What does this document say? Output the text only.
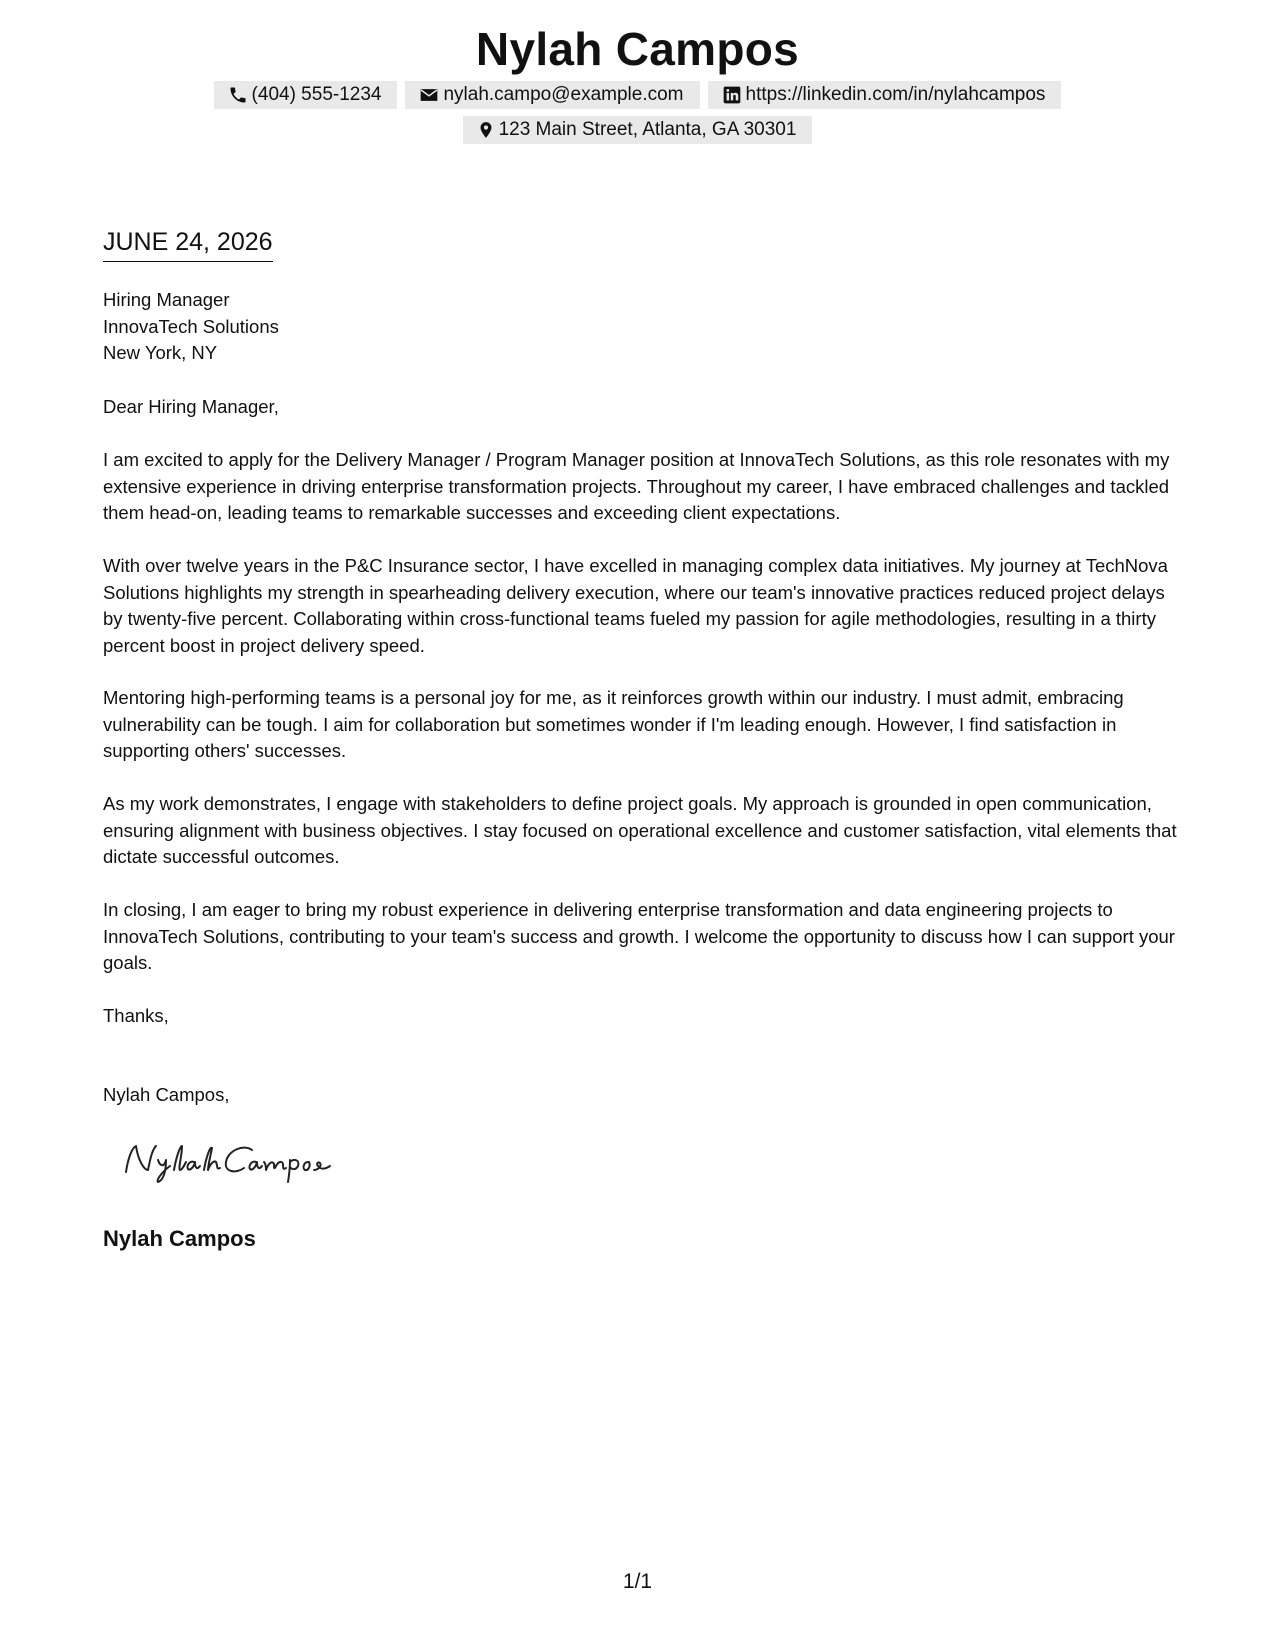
Nylah Campos
(404) 555-1234	nylah.campo@example.com	https://linkedin.com/in/nylahcampos
123 Main Street, Atlanta, GA 30301
JUNE 24, 2026
Hiring Manager
InnovaTech Solutions
New York, NY
Dear Hiring Manager,
I am excited to apply for the Delivery Manager / Program Manager position at InnovaTech Solutions, as this role resonates with my extensive experience in driving enterprise transformation projects. Throughout my career, I have embraced challenges and tackled them head-on, leading teams to remarkable successes and exceeding client expectations.
With over twelve years in the P&C Insurance sector, I have excelled in managing complex data initiatives. My journey at TechNova Solutions highlights my strength in spearheading delivery execution, where our team's innovative practices reduced project delays by twenty-five percent. Collaborating within cross-functional teams fueled my passion for agile methodologies, resulting in a thirty percent boost in project delivery speed.
Mentoring high-performing teams is a personal joy for me, as it reinforces growth within our industry. I must admit, embracing vulnerability can be tough. I aim for collaboration but sometimes wonder if I'm leading enough. However, I find satisfaction in supporting others' successes.
As my work demonstrates, I engage with stakeholders to define project goals. My approach is grounded in open communication, ensuring alignment with business objectives. I stay focused on operational excellence and customer satisfaction, vital elements that dictate successful outcomes.
In closing, I am eager to bring my robust experience in delivering enterprise transformation and data engineering projects to InnovaTech Solutions, contributing to your team's success and growth. I welcome the opportunity to discuss how I can support your goals.
Thanks,
Nylah Campos,
Nylah Campos
1/1
